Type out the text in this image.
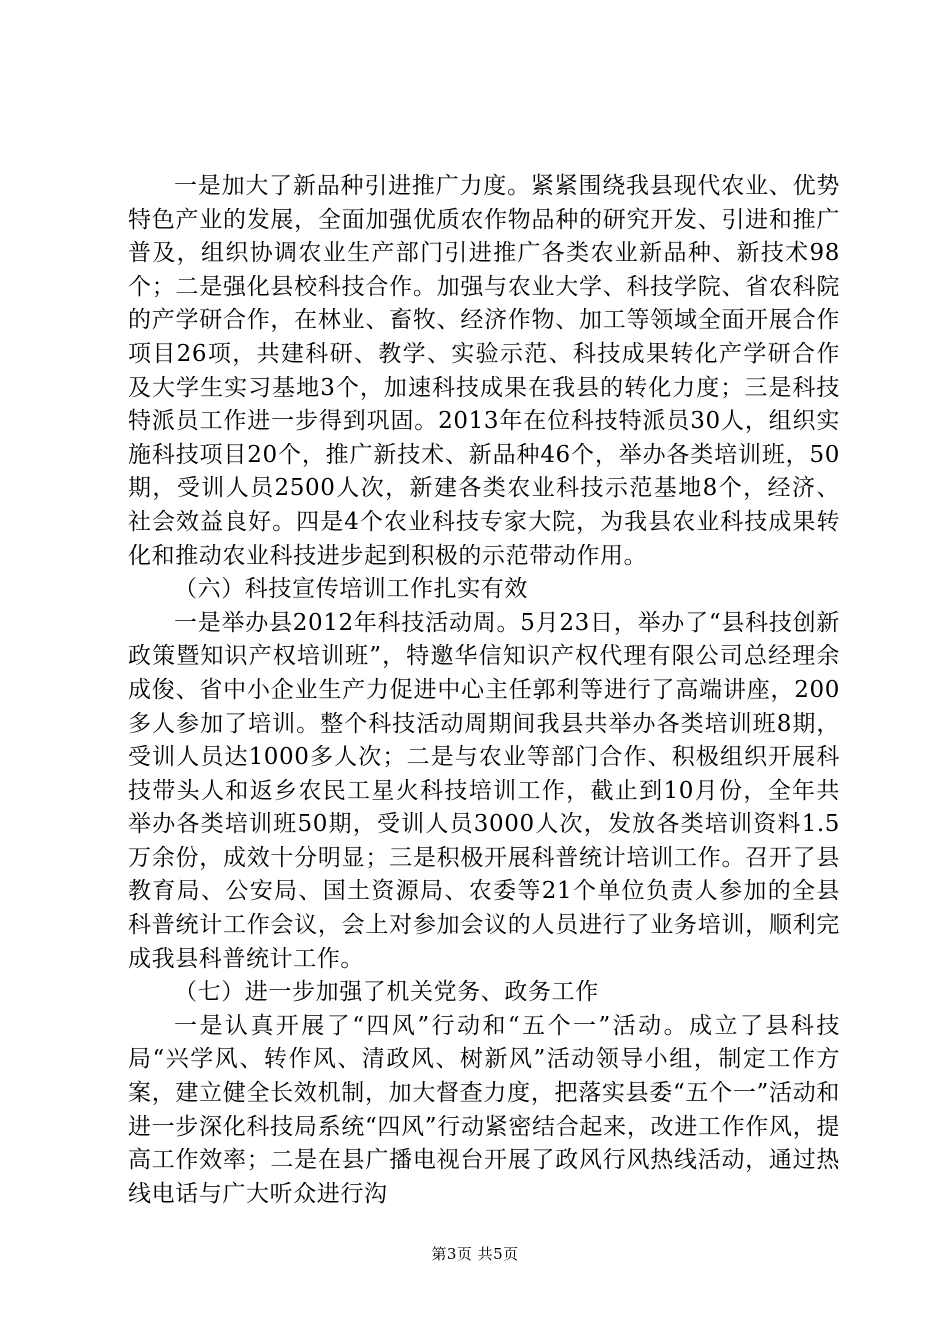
一是加大了新品种引进推广力度。紧紧围绕我县现代农业、优势特色产业的发展，全面加强优质农作物品种的研究开发、引进和推广普及，组织协调农业生产部门引进推广各类农业新品种、新技术98个；二是强化县校科技合作。加强与农业大学、科技学院、省农科院的产学研合作，在林业、畜牧、经济作物、加工等领域全面开展合作项目26项，共建科研、教学、实验示范、科技成果转化产学研合作及大学生实习基地3个，加速科技成果在我县的转化力度；三是科技特派员工作进一步得到巩固。2013年在位科技特派员30人，组织实施科技项目20个，推广新技术、新品种46个，举办各类培训班，50期，受训人员2500人次，新建各类农业科技示范基地8个，经济、社会效益良好。四是4个农业科技专家大院，为我县农业科技成果转化和推动农业科技进步起到积极的示范带动作用。

（六）科技宣传培训工作扎实有效

一是举办县2012年科技活动周。5月23日，举办了“县科技创新政策暨知识产权培训班”，特邀华信知识产权代理有限公司总经理余成俊、省中小企业生产力促进中心主任郭利等进行了高端讲座，200多人参加了培训。整个科技活动周期间我县共举办各类培训班8期，受训人员达1000多人次；二是与农业等部门合作、积极组织开展科技带头人和返乡农民工星火科技培训工作，截止到10月份，全年共举办各类培训班50期，受训人员3000人次，发放各类培训资料1.5万余份，成效十分明显；三是积极开展科普统计培训工作。召开了县教育局、公安局、国土资源局、农委等21个单位负责人参加的全县科普统计工作会议，会上对参加会议的人员进行了业务培训，顺利完成我县科普统计工作。

（七）进一步加强了机关党务、政务工作

一是认真开展了“四风”行动和“五个一”活动。成立了县科技局“兴学风、转作风、清政风、树新风”活动领导小组，制定工作方案，建立健全长效机制，加大督查力度，把落实县委“五个一”活动和进一步深化科技局系统“四风”行动紧密结合起来，改进工作作风，提高工作效率；二是在县广播电视台开展了政风行风热线活动，通过热线电话与广大听众进行沟

第3页 共5页
